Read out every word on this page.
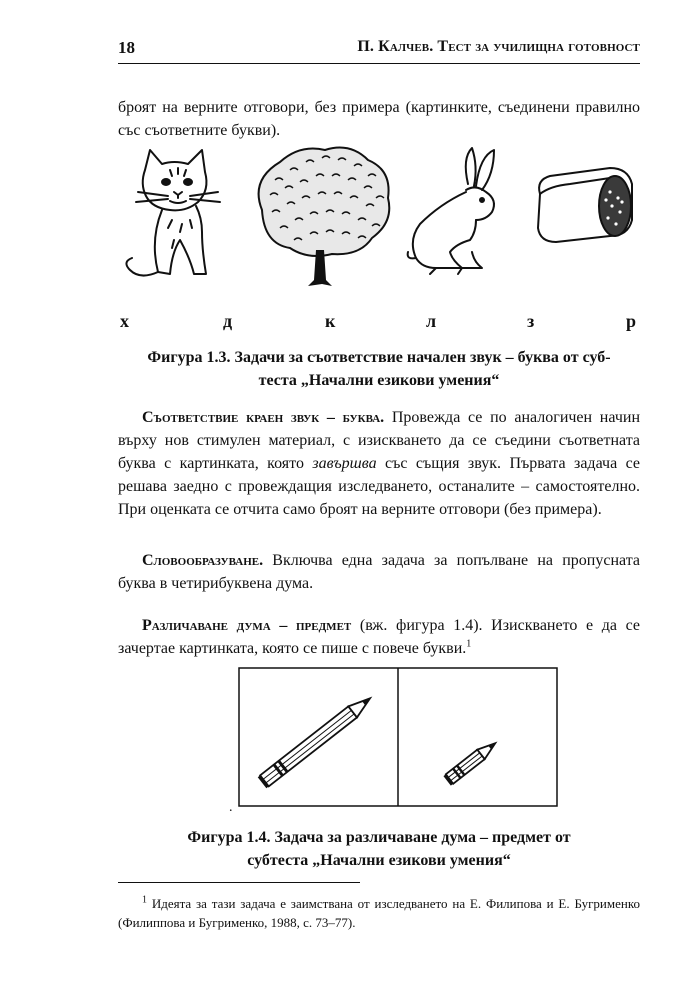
18	П. Калчев. Тест за училищна готовност

броят на верните отговори, без примера (картинките, съединени правилно със съответните букви).

х	д	к	л	з	р
Фигура 1.3. Задачи за съответствие начален звук – буква от суб-
теста „Начални езикови умения“

Съответствие краен звук – буква. Провежда се по аналогичен начин върху нов стимулен материал, с изискването да се съедини съответната буква с картинката, която завършва със същия звук. Първата задача се решава заедно с провеждащия изследването, останалите – самостоятелно. При оценката се отчита само броят на верните отговори (без примера).

Словообразуване. Включва една задача за попълване на пропусната буква в четирибуквена дума.

Различаване дума – предмет (вж. фигура 1.4). Изискването е да се зачертае картинката, която се пише с повече букви.$^1$

.
Фигура 1.4. Задача за различаване дума – предмет от
субтеста „Начални езикови умения“

$^1$ Идеята за тази задача е заимствана от изследването на Е. Филипова и Е. Бугрименко (Филиппова и Бугрименко, 1988, с. 73–77).
